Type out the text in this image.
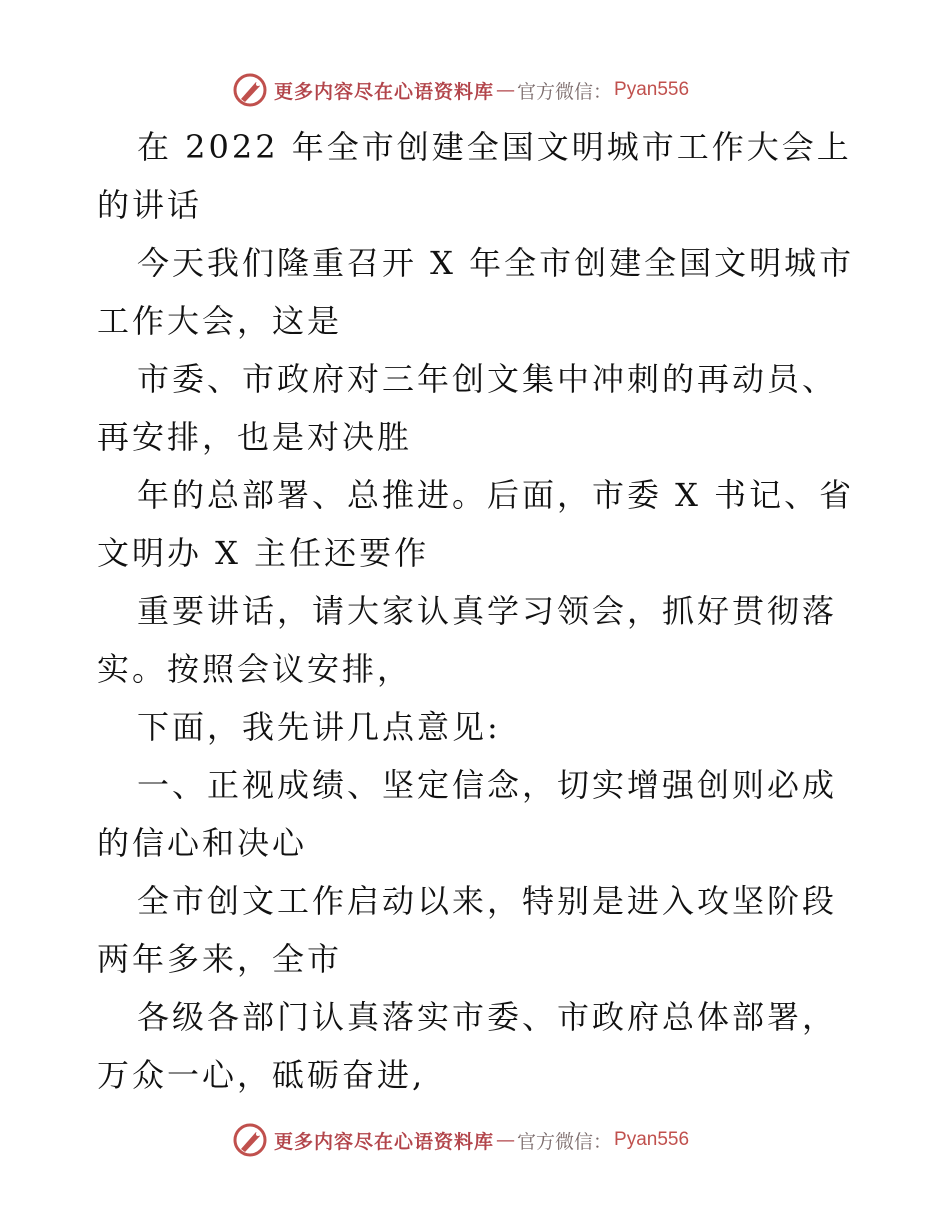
更多内容尽在心语资料库 — 官方微信： Pyan556

在 2022 年全市创建全国文明城市工作大会上的讲话

今天我们隆重召开 X 年全市创建全国文明城市工作大会，这是

市委、市政府对三年创文集中冲刺的再动员、再安排，也是对决胜

年的总部署、总推进。后面，市委 X 书记、省文明办 X 主任还要作

重要讲话，请大家认真学习领会，抓好贯彻落实。按照会议安排，

下面，我先讲几点意见:

一、正视成绩、坚定信念，切实增强创则必成的信心和决心

全市创文工作启动以来，特别是进入攻坚阶段两年多来，全市

各级各部门认真落实市委、市政府总体部署，万众一心，砥砺奋进,

更多内容尽在心语资料库 — 官方微信： Pyan556
